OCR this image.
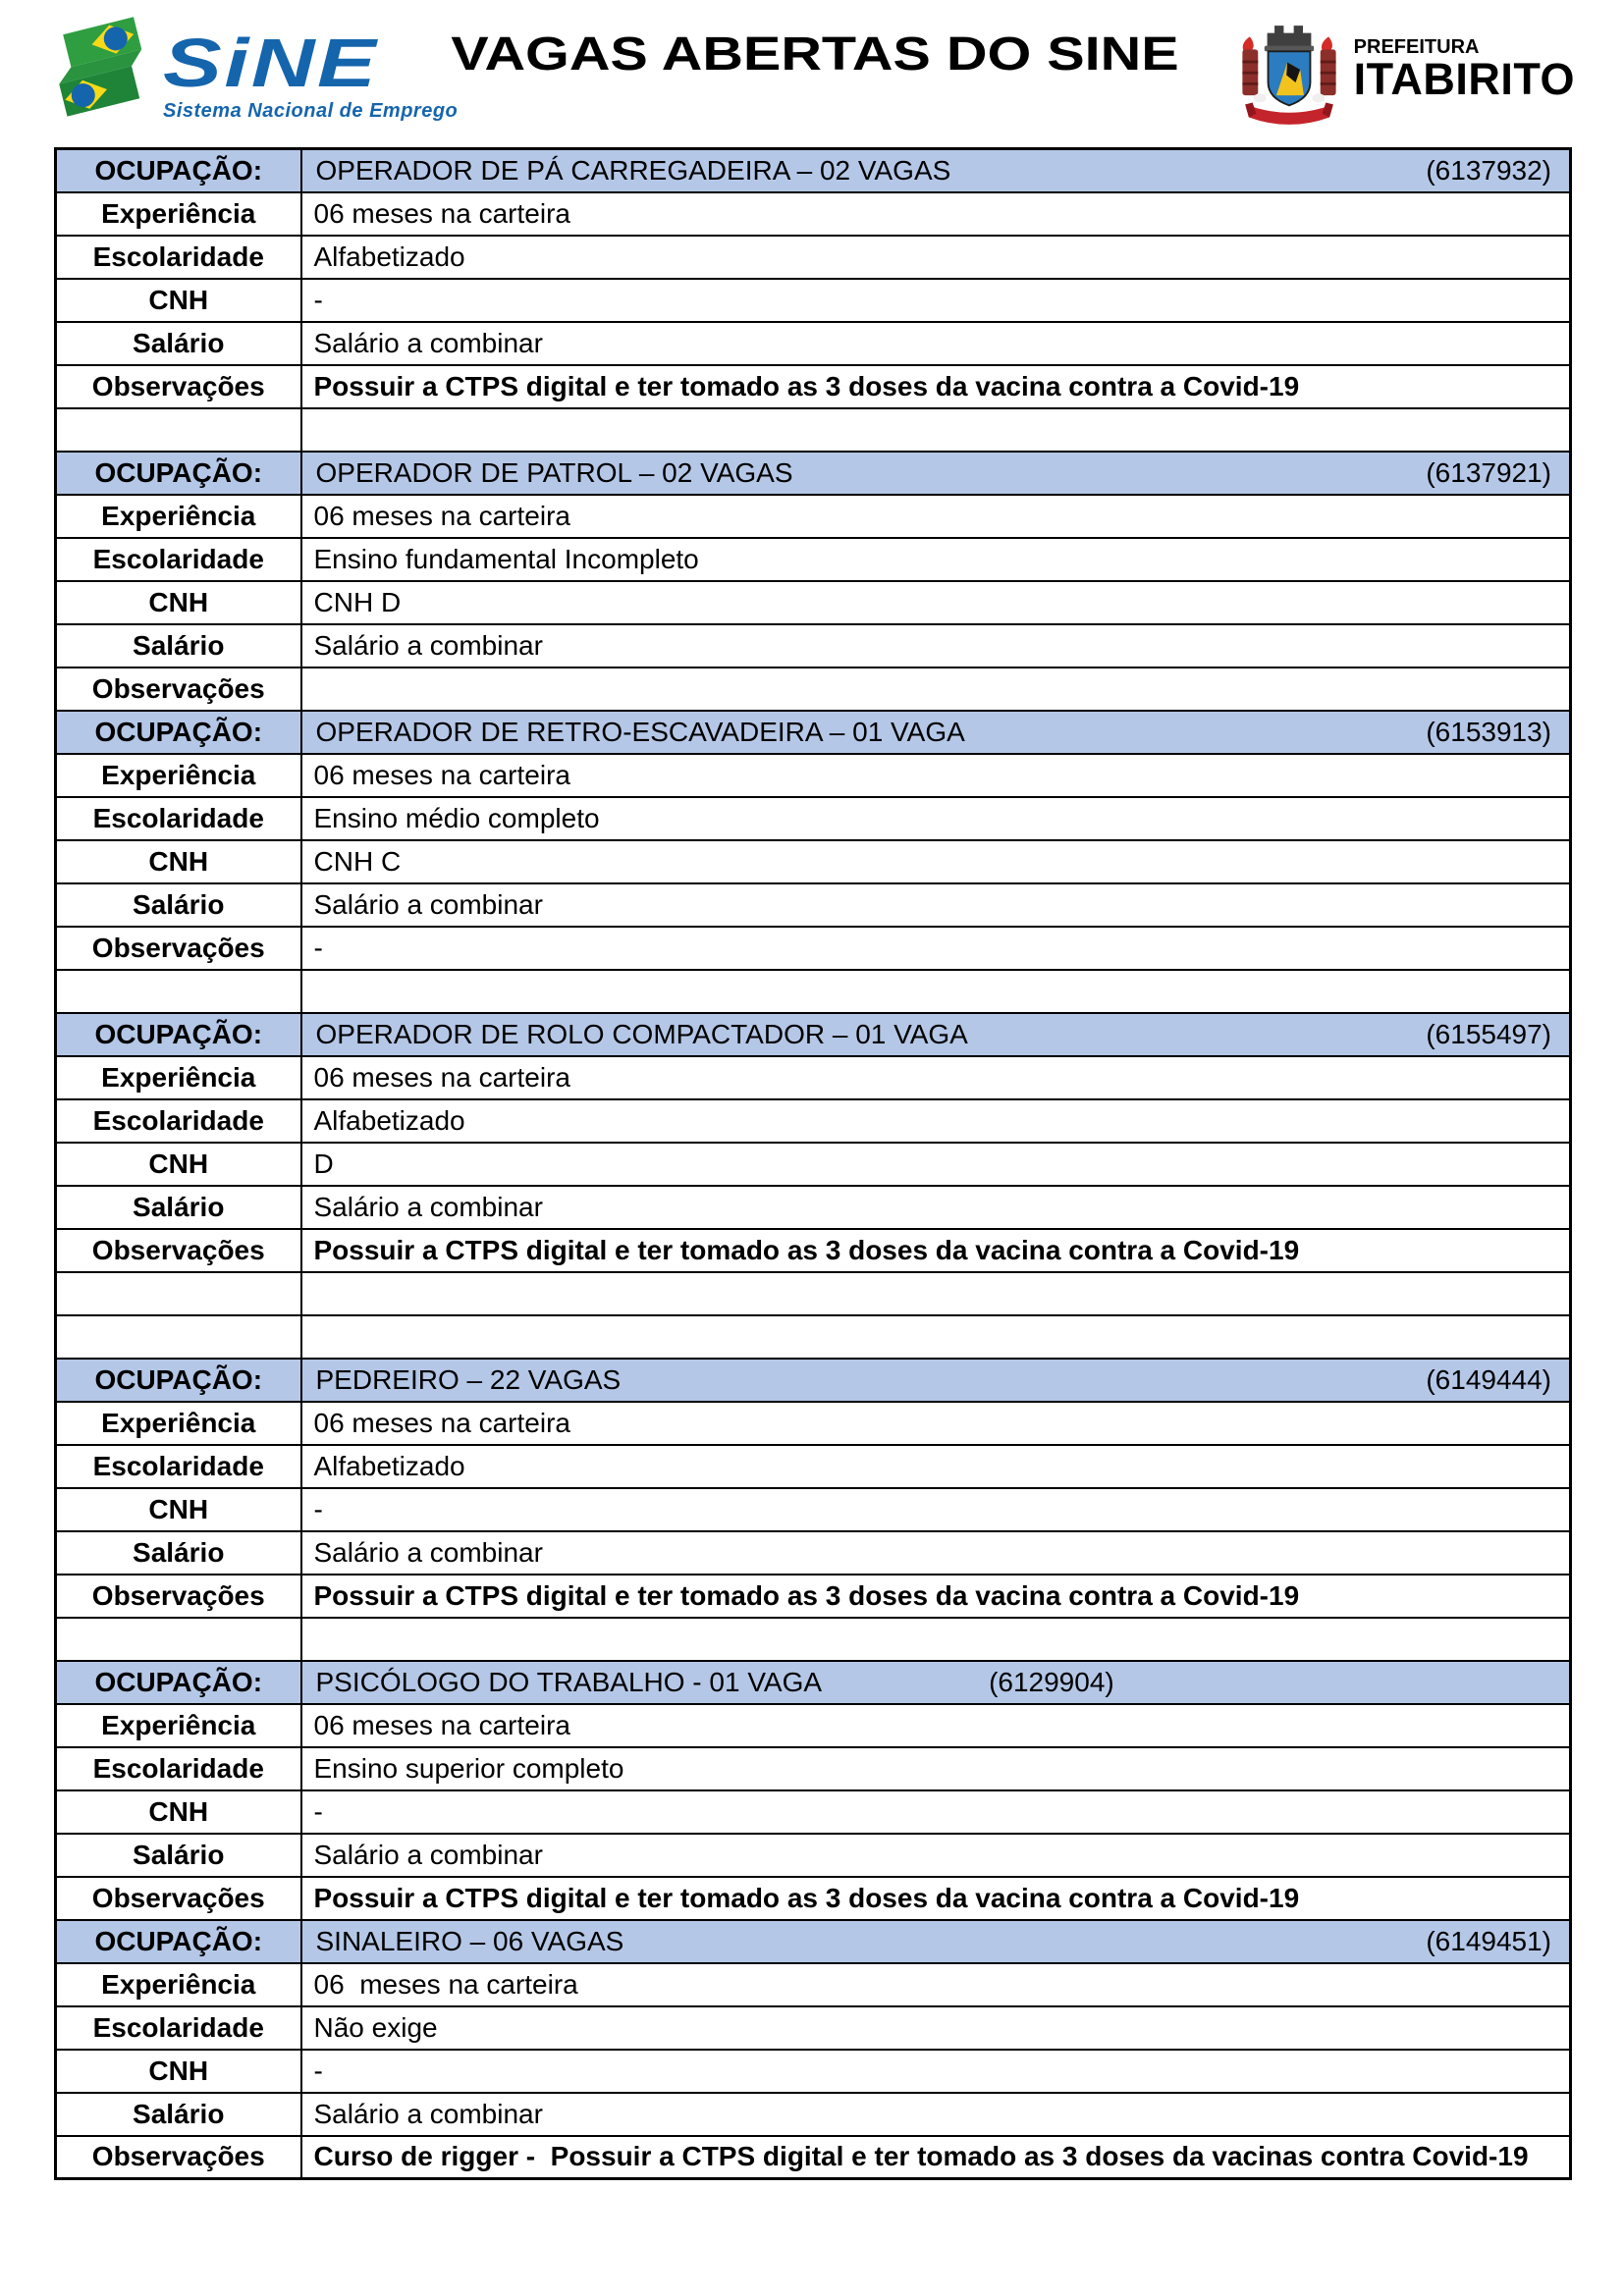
SiNE
Sistema Nacional de Emprego
VAGAS ABERTAS DO SINE	PREFEITURA
ITABIRITO
OCUPAÇÃO:	OPERADOR DE PÁ CARREGADEIRA – 02 VAGAS (6137932)

Experiência	06 meses na carteira
Escolaridade	Alfabetizado
CNH	-
Salário	Salário a combinar
Observações	Possuir a CTPS digital e ter tomado as 3 doses da vacina contra a Covid-19

OCUPAÇÃO:	OPERADOR DE PATROL – 02 VAGAS (6137921)

Experiência	06 meses na carteira
Escolaridade	Ensino fundamental Incompleto
CNH	CNH D
Salário	Salário a combinar
Observações	
OCUPAÇÃO:	OPERADOR DE RETRO-ESCAVADEIRA – 01 VAGA (6153913)

Experiência	06 meses na carteira
Escolaridade	Ensino médio completo
CNH	CNH C
Salário	Salário a combinar
Observações	-

OCUPAÇÃO:	OPERADOR DE ROLO COMPACTADOR – 01 VAGA (6155497)

Experiência	06 meses na carteira
Escolaridade	Alfabetizado
CNH	D
Salário	Salário a combinar
Observações	Possuir a CTPS digital e ter tomado as 3 doses da vacina contra a Covid-19

OCUPAÇÃO:	PEDREIRO – 22 VAGAS (6149444)

Experiência	06 meses na carteira
Escolaridade	Alfabetizado
CNH	-
Salário	Salário a combinar
Observações	Possuir a CTPS digital e ter tomado as 3 doses da vacina contra a Covid-19

OCUPAÇÃO:	PSICÓLOGO DO TRABALHO - 01 VAGA (6129904)

Experiência	06 meses na carteira
Escolaridade	Ensino superior completo
CNH	-
Salário	Salário a combinar
Observações	Possuir a CTPS digital e ter tomado as 3 doses da vacina contra a Covid-19
OCUPAÇÃO:	SINALEIRO – 06 VAGAS (6149451)

Experiência	06  meses na carteira
Escolaridade	Não exige
CNH	-
Salário	Salário a combinar
Observações	Curso de rigger -  Possuir a CTPS digital e ter tomado as 3 doses da vacinas contra Covid-19
